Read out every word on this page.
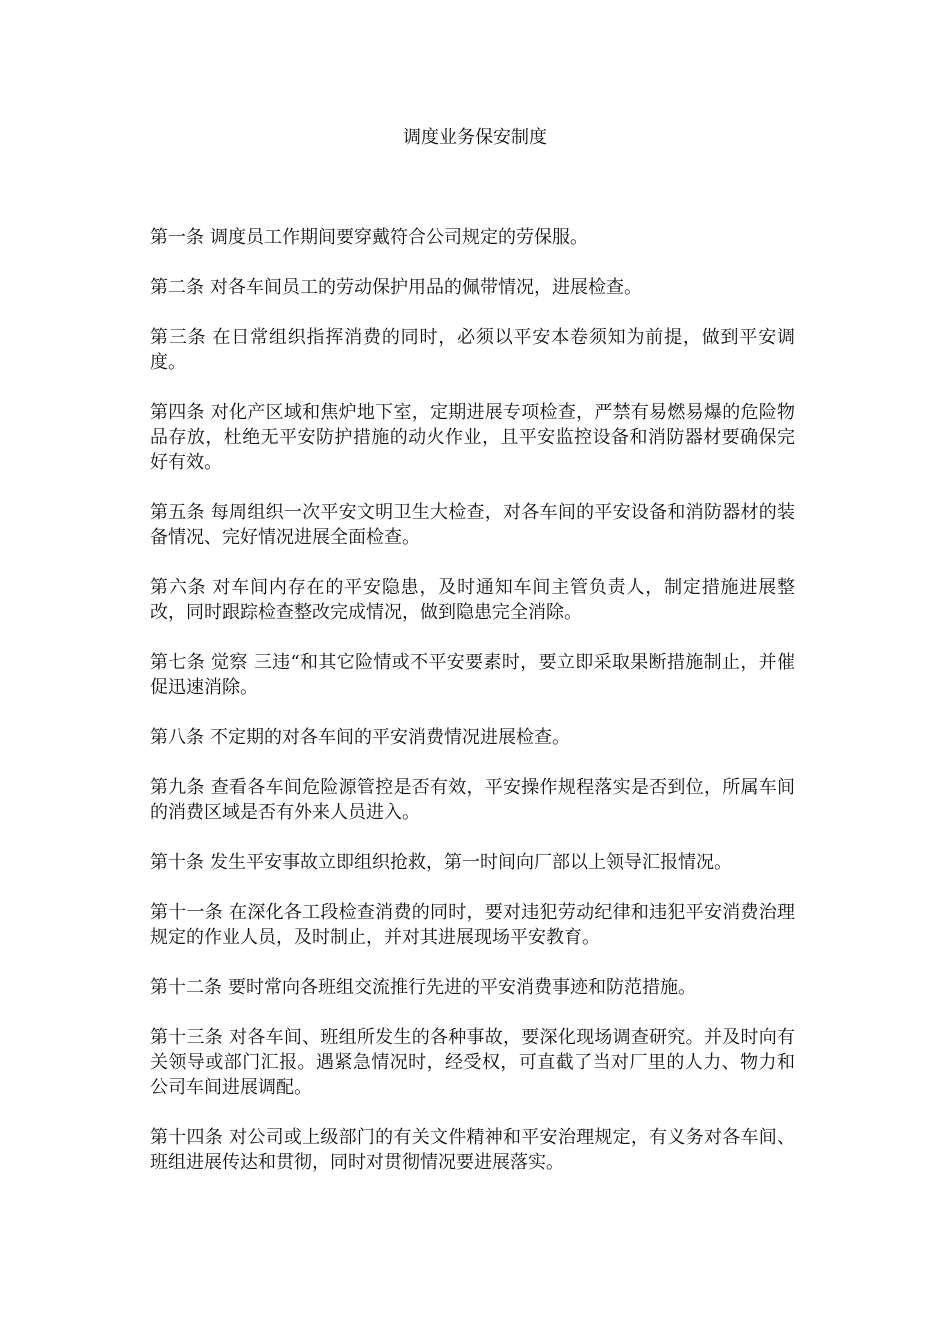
调度业务保安制度
第一条 调度员工作期间要穿戴符合公司规定的劳保服。
第二条 对各车间员工的劳动保护用品的佩带情况，进展检查。
第三条 在日常组织指挥消费的同时，必须以平安本卷须知为前提，做到平安调度。
第四条 对化产区域和焦炉地下室，定期进展专项检查，严禁有易燃易爆的危险物品存放，杜绝无平安防护措施的动火作业，且平安监控设备和消防器材要确保完好有效。
第五条 每周组织一次平安文明卫生大检查，对各车间的平安设备和消防器材的装备情况、完好情况进展全面检查。
第六条 对车间内存在的平安隐患，及时通知车间主管负责人，制定措施进展整改，同时跟踪检查整改完成情况，做到隐患完全消除。
第七条 觉察 三违“和其它险情或不平安要素时，要立即采取果断措施制止，并催促迅速消除。
第八条 不定期的对各车间的平安消费情况进展检查。
第九条 查看各车间危险源管控是否有效，平安操作规程落实是否到位，所属车间的消费区域是否有外来人员进入。
第十条 发生平安事故立即组织抢救，第一时间向厂部以上领导汇报情况。
第十一条 在深化各工段检查消费的同时，要对违犯劳动纪律和违犯平安消费治理规定的作业人员，及时制止，并对其进展现场平安教育。
第十二条 要时常向各班组交流推行先进的平安消费事迹和防范措施。
第十三条 对各车间、班组所发生的各种事故，要深化现场调查研究。并及时向有关领导或部门汇报。遇紧急情况时，经受权，可直截了当对厂里的人力、物力和公司车间进展调配。
第十四条 对公司或上级部门的有关文件精神和平安治理规定，有义务对各车间、班组进展传达和贯彻，同时对贯彻情况要进展落实。
